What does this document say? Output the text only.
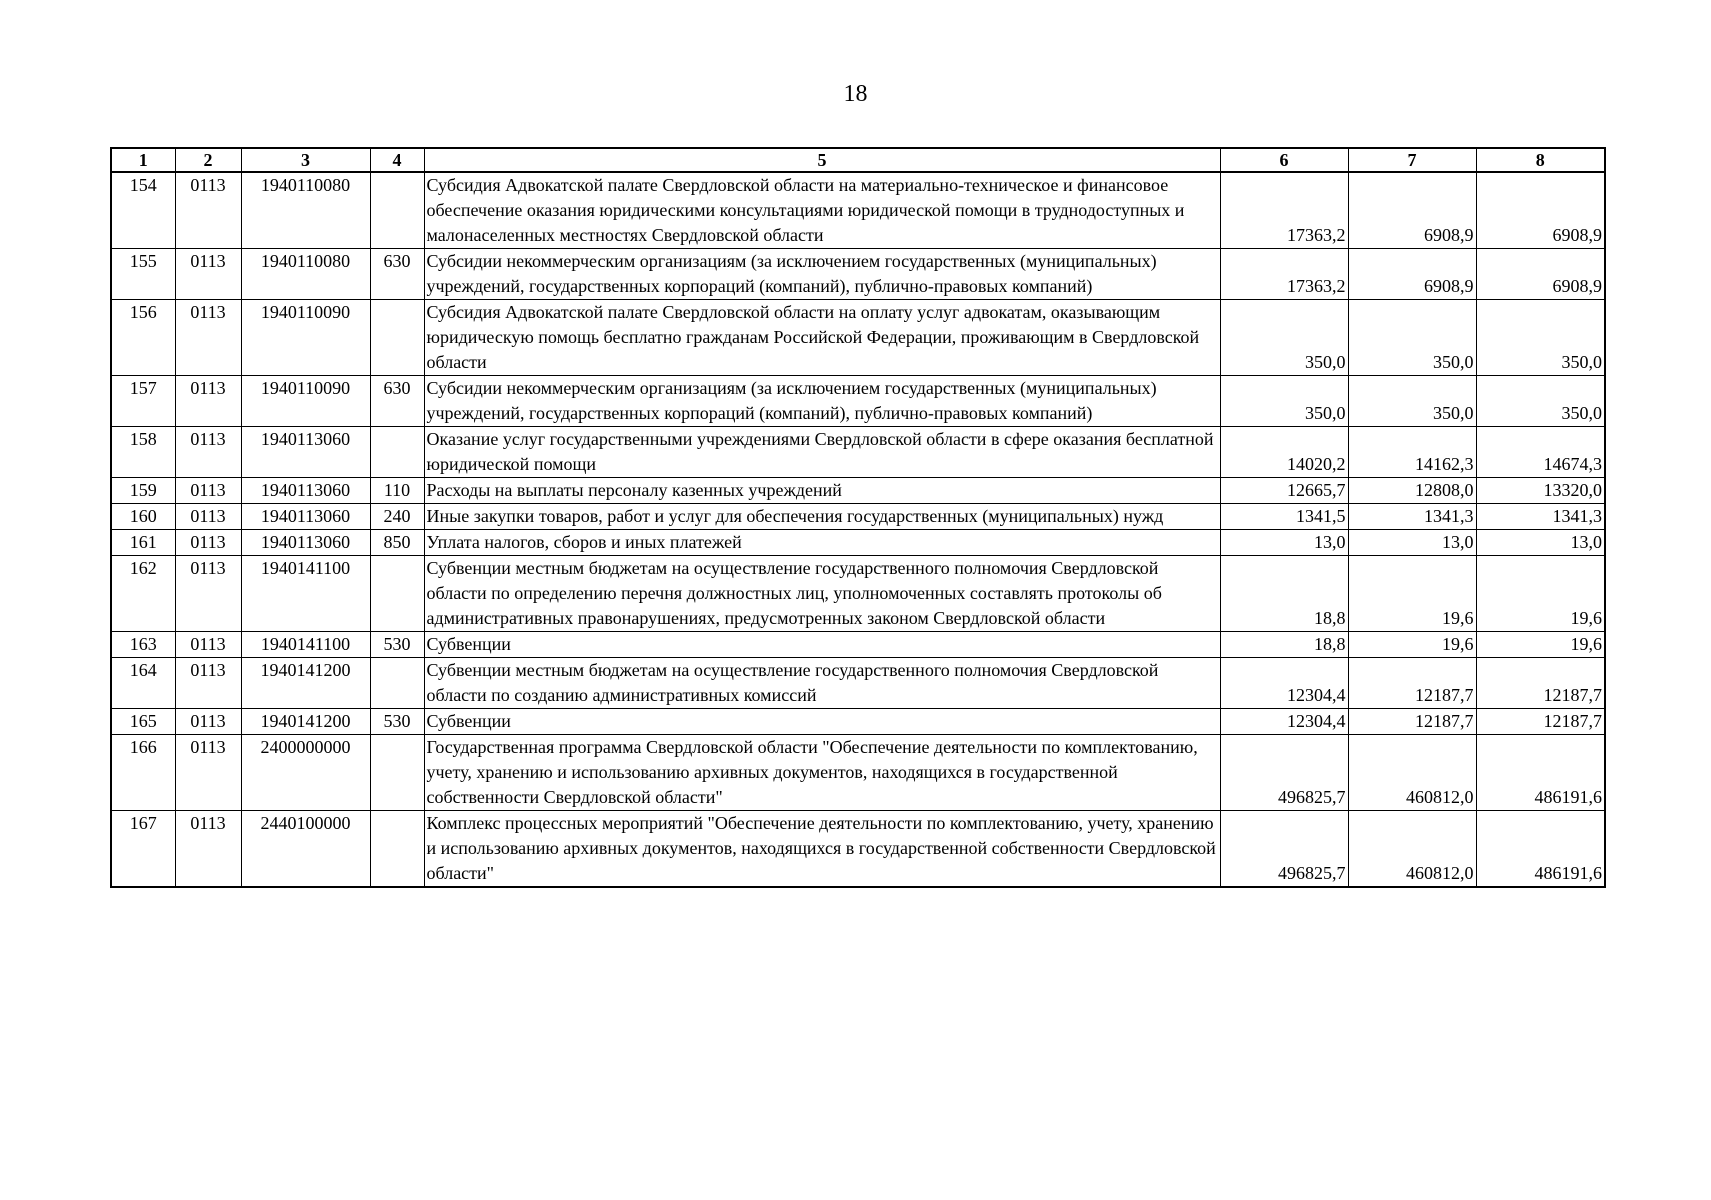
18
1	2	3	4	5	6	7	8
154	0113	1940110080		Субсидия Адвокатской палате Свердловской области на материально-техническое и финансовое обеспечение оказания юридическими консультациями юридической помощи в труднодоступных и малонаселенных местностях Свердловской области	17363,2	6908,9	6908,9
155	0113	1940110080	630	Субсидии некоммерческим организациям (за исключением государственных (муниципальных) учреждений, государственных корпораций (компаний), публично-правовых компаний)	17363,2	6908,9	6908,9
156	0113	1940110090		Субсидия Адвокатской палате Свердловской области на оплату услуг адвокатам, оказывающим юридическую помощь бесплатно гражданам Российской Федерации, проживающим в Свердловской области	350,0	350,0	350,0
157	0113	1940110090	630	Субсидии некоммерческим организациям (за исключением государственных (муниципальных) учреждений, государственных корпораций (компаний), публично-правовых компаний)	350,0	350,0	350,0
158	0113	1940113060		Оказание услуг государственными учреждениями Свердловской области в сфере оказания бесплатной юридической помощи	14020,2	14162,3	14674,3
159	0113	1940113060	110	Расходы на выплаты персоналу казенных учреждений	12665,7	12808,0	13320,0
160	0113	1940113060	240	Иные закупки товаров, работ и услуг для обеспечения государственных (муниципальных) нужд	1341,5	1341,3	1341,3
161	0113	1940113060	850	Уплата налогов, сборов и иных платежей	13,0	13,0	13,0
162	0113	1940141100		Субвенции местным бюджетам на осуществление государственного полномочия Свердловской области по определению перечня должностных лиц, уполномоченных составлять протоколы об административных правонарушениях, предусмотренных законом Свердловской области	18,8	19,6	19,6
163	0113	1940141100	530	Субвенции	18,8	19,6	19,6
164	0113	1940141200		Субвенции местным бюджетам на осуществление государственного полномочия Свердловской области по созданию административных комиссий	12304,4	12187,7	12187,7
165	0113	1940141200	530	Субвенции	12304,4	12187,7	12187,7
166	0113	2400000000		Государственная программа Свердловской области "Обеспечение деятельности по комплектованию, учету, хранению и использованию архивных документов, находящихся в государственной собственности Свердловской области"	496825,7	460812,0	486191,6
167	0113	2440100000		Комплекс процессных мероприятий "Обеспечение деятельности по комплектованию, учету, хранению и использованию архивных документов, находящихся в государственной собственности Свердловской области"	496825,7	460812,0	486191,6
